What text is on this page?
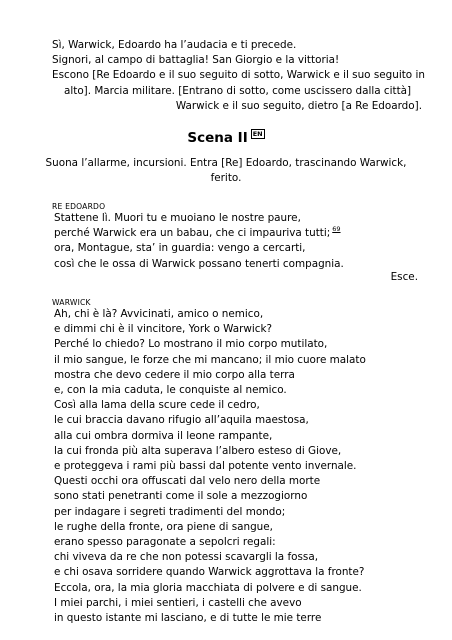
Sì, Warwick, Edoardo ha l’audacia e ti precede.
Signori, al campo di battaglia! San Giorgio e la vittoria!
Escono [Re Edoardo e il suo seguito di sotto, Warwick e il suo seguito in
alto]. Marcia militare. [Entrano di sotto, come uscissero dalla città]
Warwick e il suo seguito, dietro [a Re Edoardo].
Scena II EN
Suona l’allarme, incursioni. Entra [Re] Edoardo, trascinando Warwick,
ferito.
RE EDOARDO
Stattene lì. Muori tu e muoiano le nostre paure,
perché Warwick era un babau, che ci impauriva tutti; $^{69}$
ora, Montague, sta’ in guardia: vengo a cercarti,
così che le ossa di Warwick possano tenerti compagnia.
Esce.
WARWICK
Ah, chi è là? Avvicinati, amico o nemico,
e dimmi chi è il vincitore, York o Warwick?
Perché lo chiedo? Lo mostrano il mio corpo mutilato,
il mio sangue, le forze che mi mancano; il mio cuore malato
mostra che devo cedere il mio corpo alla terra
e, con la mia caduta, le conquiste al nemico.
Così alla lama della scure cede il cedro,
le cui braccia davano rifugio all’aquila maestosa,
alla cui ombra dormiva il leone rampante,
la cui fronda più alta superava l’albero esteso di Giove,
e proteggeva i rami più bassi dal potente vento invernale.
Questi occhi ora offuscati dal velo nero della morte
sono stati penetranti come il sole a mezzogiorno
per indagare i segreti tradimenti del mondo;
le rughe della fronte, ora piene di sangue,
erano spesso paragonate a sepolcri regali:
chi viveva da re che non potessi scavargli la fossa,
e chi osava sorridere quando Warwick aggrottava la fronte?
Eccola, ora, la mia gloria macchiata di polvere e di sangue.
I miei parchi, i miei sentieri, i castelli che avevo
in questo istante mi lasciano, e di tutte le mie terre
